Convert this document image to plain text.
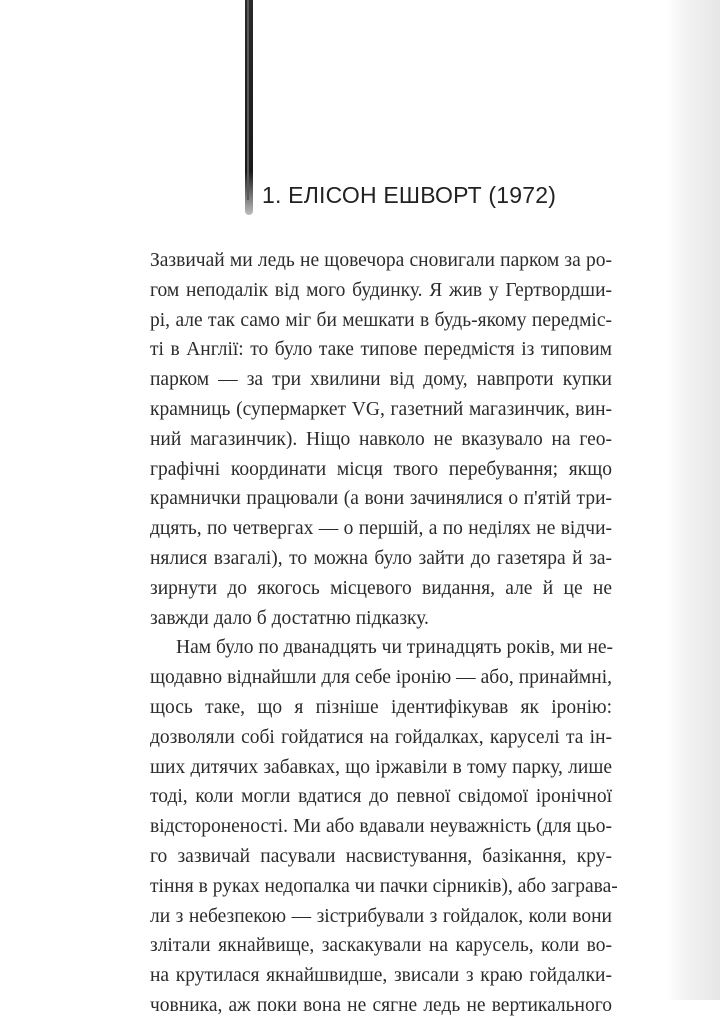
1. ЕЛІСОН ЕШВОРТ (1972)

Зазвичай ми ледь не щовечора сновигали парком за ро-
гом неподалік від мого будинку. Я жив у Гертвордши-
рі, але так само міг би мешкати в будь-якому передміс-
ті в Англії: то було таке типове передмістя із типовим
парком — за три хвилини від дому, навпроти купки
крамниць (супермаркет VG, газетний магазинчик, вин-
ний магазинчик). Ніщо навколо не вказувало на гео-
графічні координати місця твого перебування; якщо
крамнички працювали (а вони зачинялися о п'ятій три-
дцять, по четвергах — о першій, а по неділях не відчи-
нялися взагалі), то можна було зайти до газетяра й за-
зирнути до якогось місцевого видання, але й це не
завжди дало б достатню підказку.

Нам було по дванадцять чи тринадцять років, ми не-
щодавно віднайшли для себе іронію — або, принаймні,
щось таке, що я пізніше ідентифікував як іронію:
дозволяли собі гойдатися на гойдалках, каруселі та ін-
ших дитячих забавках, що іржавіли в тому парку, лише
тоді, коли могли вдатися до певної свідомої іронічної
відстороненості. Ми або вдавали неуважність (для цьо-
го зазвичай пасували насвистування, базікання, кру-
тіння в руках недопалка чи пачки сірників), або заграва-
ли з небезпекою — зістрибували з гойдалок, коли вони
злітали якнайвище, заскакували на карусель, коли во-
на крутилася якнайшвидше, звисали з краю гойдалки-
човника, аж поки вона не сягне ледь не вертикального
